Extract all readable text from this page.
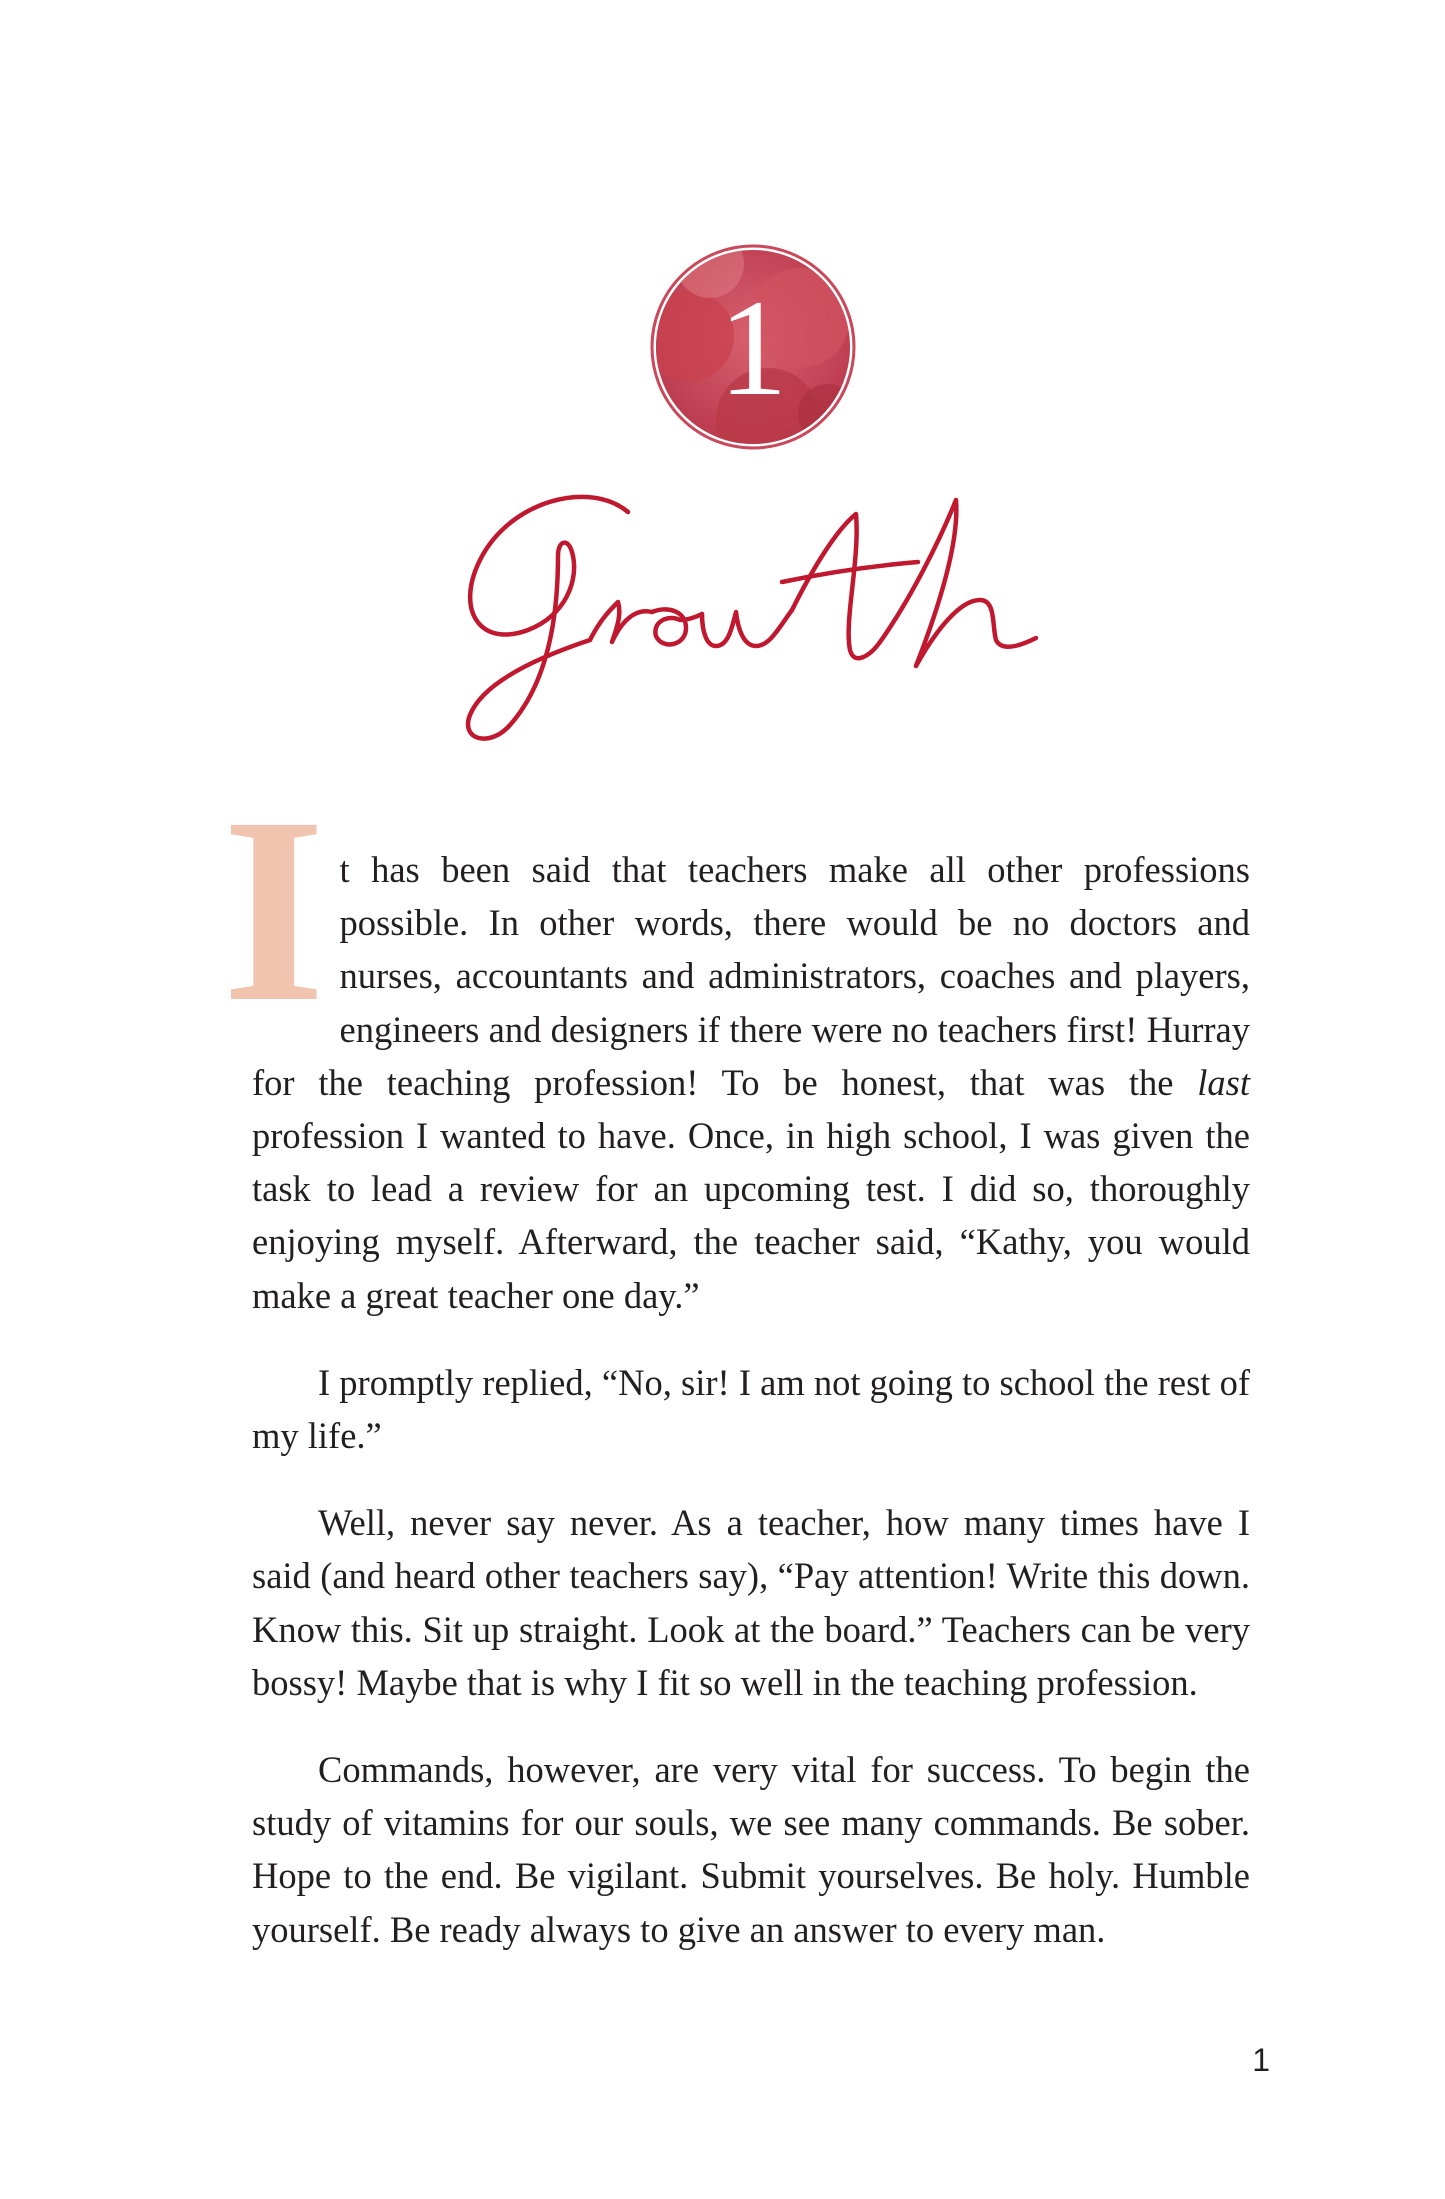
1

It has been said that teachers make all other professions possible. In other words, there would be no doctors and nurses, accountants and administrators, coaches and players, engineers and designers if there were no teachers first! Hurray for the teaching profession! To be honest, that was the last profession I wanted to have. Once, in high school, I was given the task to lead a review for an upcoming test. I did so, thoroughly enjoying myself. Afterward, the teacher said, “Kathy, you would make a great teacher one day.”

I promptly replied, “No, sir! I am not going to school the rest of my life.”

Well, never say never. As a teacher, how many times have I said (and heard other teachers say), “Pay attention! Write this down. Know this. Sit up straight. Look at the board.” Teachers can be very bossy! Maybe that is why I fit so well in the teaching profession.

Commands, however, are very vital for success. To begin the study of vitamins for our souls, we see many commands. Be sober. Hope to the end. Be vigilant. Submit yourselves. Be holy. Humble yourself. Be ready always to give an answer to every man.

1
